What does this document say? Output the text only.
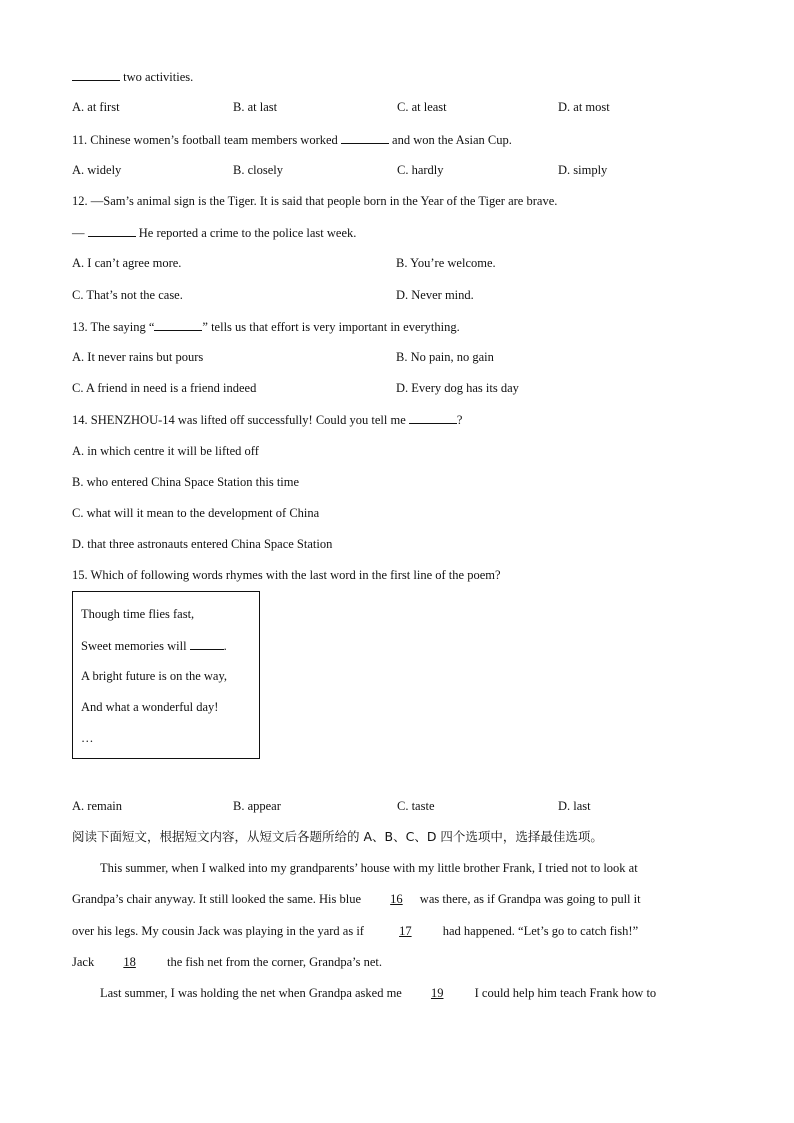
two activities.
A. at first	B. at last	C. at least	D. at most
11. Chinese women’s football team members worked	and won the Asian Cup.
A. widely	B. closely	C. hardly	D. simply
12. —Sam’s animal sign is the Tiger. It is said that people born in the Year of the Tiger are brave.
—	He reported a crime to the police last week.
A. I can’t agree more.	B. You’re welcome.
C. That’s not the case.	D. Never mind.
13. The saying “	” tells us that effort is very important in everything.
A. It never rains but pours	B. No pain, no gain
C. A friend in need is a friend indeed	D. Every dog has its day
14. SHENZHOU-14 was lifted off successfully! Could you tell me	?
A. in which centre it will be lifted off
B. who entered China Space Station this time
C. what will it mean to the development of China
D. that three astronauts entered China Space Station
15. Which of following words rhymes with the last word in the first line of the poem?
Though time flies fast,
Sweet memories will	.
A bright future is on the way,
And what a wonderful day!
…
A. remain	B. appear	C. taste	D. last
阅读下面短文，根据短文内容，从短文后各题所给的 A、B、C、D 四个选项中，选择最佳选项。
This summer, when I walked into my grandparents’ house with my little brother Frank, I tried not to look at
Grandpa’s chair anyway. It still looked the same. His blue 16 was there, as if Grandpa was going to pull it
over his legs. My cousin Jack was playing in the yard as if	17 had happened. “Let’s go to catch fish!”
Jack 18 the fish net from the corner, Grandpa’s net.
Last summer, I was holding the net when Grandpa asked me 19 I could help him teach Frank how to
